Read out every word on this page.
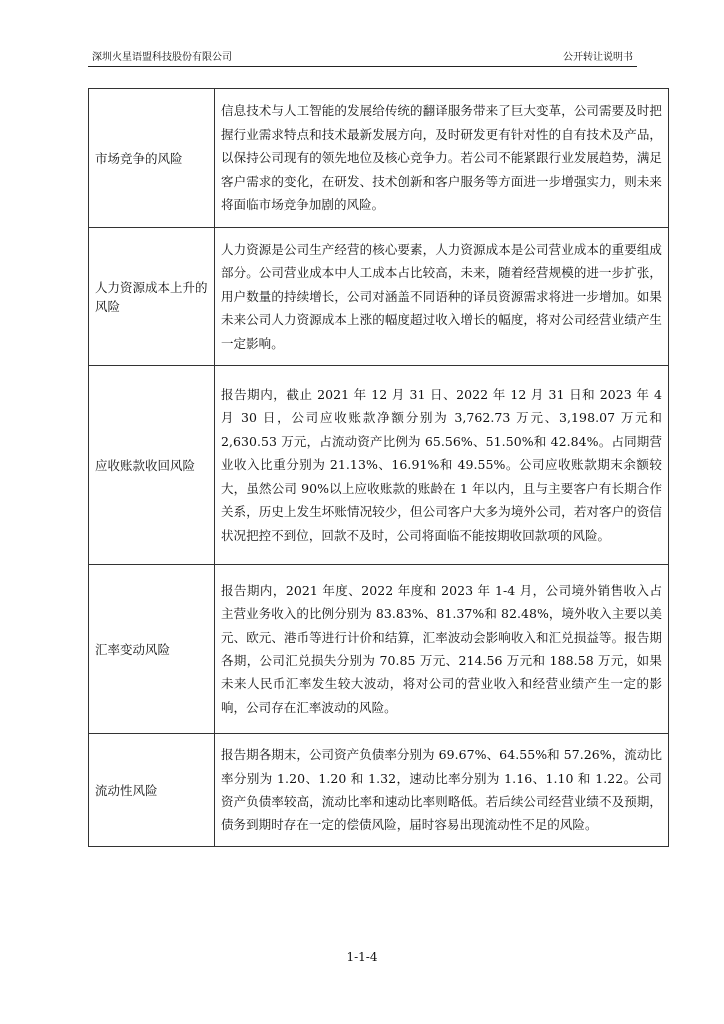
深圳火星语盟科技股份有限公司	公开转让说明书
市场竞争的风险	信息技术与人工智能的发展给传统的翻译服务带来了巨大变革，公司需要及时把握行业需求特点和技术最新发展方向，及时研发更有针对性的自有技术及产品，以保持公司现有的领先地位及核心竞争力。若公司不能紧跟行业发展趋势，满足客户需求的变化，在研发、技术创新和客户服务等方面进一步增强实力，则未来将面临市场竞争加剧的风险。
人力资源成本上升的风险	人力资源是公司生产经营的核心要素，人力资源成本是公司营业成本的重要组成部分。公司营业成本中人工成本占比较高，未来，随着经营规模的进一步扩张，用户数量的持续增长，公司对涵盖不同语种的译员资源需求将进一步增加。如果未来公司人力资源成本上涨的幅度超过收入增长的幅度，将对公司经营业绩产生一定影响。
应收账款收回风险	报告期内，截止 2021 年 12 月 31 日、2022 年 12 月 31 日和 2023 年 4 月 30 日，公司应收账款净额分别为 3,762.73 万元、3,198.07 万元和 2,630.53 万元，占流动资产比例为 65.56%、51.50%和 42.84%。占同期营业收入比重分别为 21.13%、16.91%和 49.55%。公司应收账款期末余额较大，虽然公司 90%以上应收账款的账龄在 1 年以内，且与主要客户有长期合作关系，历史上发生坏账情况较少，但公司客户大多为境外公司，若对客户的资信状况把控不到位，回款不及时，公司将面临不能按期收回款项的风险。
汇率变动风险	报告期内，2021 年度、2022 年度和 2023 年 1-4 月，公司境外销售收入占主营业务收入的比例分别为 83.83%、81.37%和 82.48%，境外收入主要以美元、欧元、港币等进行计价和结算，汇率波动会影响收入和汇兑损益等。报告期各期，公司汇兑损失分别为 70.85 万元、214.56 万元和 188.58 万元，如果未来人民币汇率发生较大波动，将对公司的营业收入和经营业绩产生一定的影响，公司存在汇率波动的风险。
流动性风险	报告期各期末，公司资产负债率分别为 69.67%、64.55%和 57.26%，流动比率分别为 1.20、1.20 和 1.32，速动比率分别为 1.16、1.10 和 1.22。公司资产负债率较高，流动比率和速动比率则略低。若后续公司经营业绩不及预期，债务到期时存在一定的偿债风险，届时容易出现流动性不足的风险。
1-1-4
